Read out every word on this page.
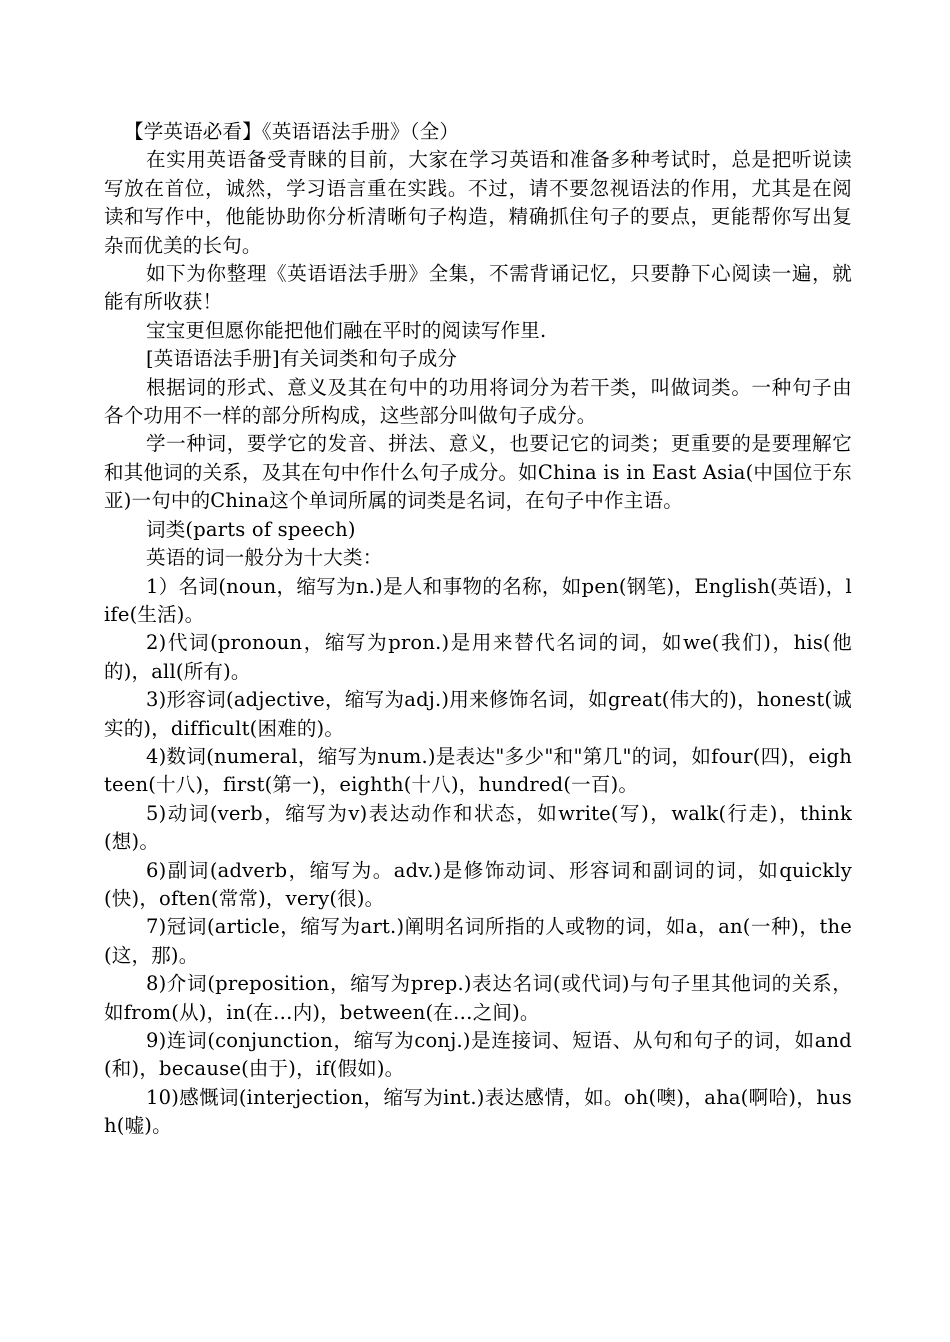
【学英语必看】《英语语法手册》（全）

在实用英语备受青睐的目前，大家在学习英语和准备多种考试时，总是把听说读写放在首位，诚然，学习语言重在实践。不过，请不要忽视语法的作用，尤其是在阅读和写作中，他能协助你分析清晰句子构造，精确抓住句子的要点，更能帮你写出复杂而优美的长句。

如下为你整理《英语语法手册》全集，不需背诵记忆，只要静下心阅读一遍，就能有所收获！

宝宝更但愿你能把他们融在平时的阅读写作里.

[英语语法手册]有关词类和句子成分

根据词的形式、意义及其在句中的功用将词分为若干类，叫做词类。一种句子由各个功用不一样的部分所构成，这些部分叫做句子成分。

学一种词，要学它的发音、拼法、意义，也要记它的词类；更重要的是要理解它和其他词的关系，及其在句中作什么句子成分。如China is in East Asia(中国位于东亚)一句中的China这个单词所属的词类是名词，在句子中作主语。

词类(parts of speech)

英语的词一般分为十大类：

1）名词(noun，缩写为n.)是人和事物的名称，如pen(钢笔)，English(英语)，life(生活)。

2)代词(pronoun，缩写为pron.)是用来替代名词的词，如we(我们)，his(他的)，all(所有)。

3)形容词(adjective，缩写为adj.)用来修饰名词，如great(伟大的)，honest(诚实的)，difficult(困难的)。

4)数词(numeral，缩写为num.)是表达"多少"和"第几"的词，如four(四)，eighteen(十八)，first(第一)，eighth(十八)，hundred(一百)。

5)动词(verb，缩写为v)表达动作和状态，如write(写)，walk(行走)，think(想)。

6)副词(adverb，缩写为。adv.)是修饰动词、形容词和副词的词，如quickly(快)，often(常常)，very(很)。

7)冠词(article，缩写为art.)阐明名词所指的人或物的词，如a，an(一种)，the(这，那)。

8)介词(preposition，缩写为prep.)表达名词(或代词)与句子里其他词的关系，如from(从)，in(在…内)，between(在…之间)。

9)连词(conjunction，缩写为conj.)是连接词、短语、从句和句子的词，如and(和)，because(由于)，if(假如)。

10)感慨词(interjection，缩写为int.)表达感情，如。oh(噢)，aha(啊哈)，hush(嘘)。
